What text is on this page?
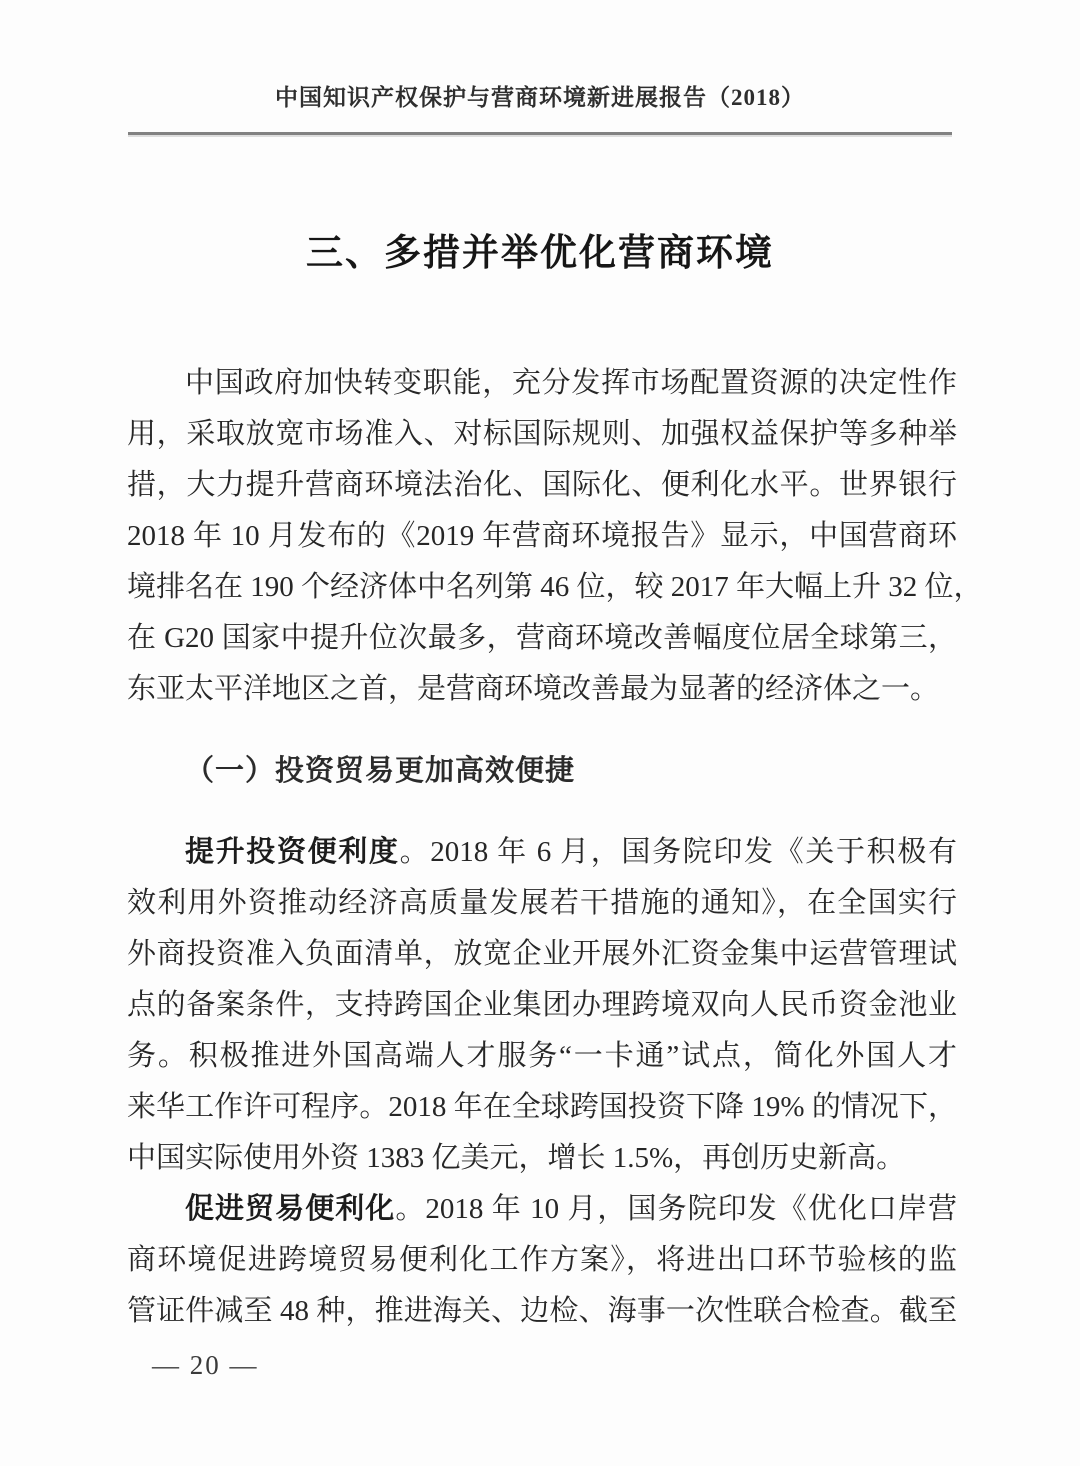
中国知识产权保护与营商环境新进展报告（2018）
三、多措并举优化营商环境
中国政府加快转变职能，充分发挥市场配置资源的决定性作
用，采取放宽市场准入、对标国际规则、加强权益保护等多种举
措，大力提升营商环境法治化、国际化、便利化水平。世界银行
2018 年 10 月发布的《2019 年营商环境报告》显示，中国营商环
境排名在 190 个经济体中名列第 46 位，较 2017 年大幅上升 32 位，
在 G20 国家中提升位次最多，营商环境改善幅度位居全球第三，
东亚太平洋地区之首，是营商环境改善最为显著的经济体之一。
（一）投资贸易更加高效便捷
提升投资便利度。2018 年 6 月，国务院印发《关于积极有
效利用外资推动经济高质量发展若干措施的通知》，在全国实行
外商投资准入负面清单，放宽企业开展外汇资金集中运营管理试
点的备案条件，支持跨国企业集团办理跨境双向人民币资金池业
务。积极推进外国高端人才服务“一卡通”试点，简化外国人才
来华工作许可程序。2018 年在全球跨国投资下降 19% 的情况下，
中国实际使用外资 1383 亿美元，增长 1.5%，再创历史新高。
促进贸易便利化。2018 年 10 月，国务院印发《优化口岸营
商环境促进跨境贸易便利化工作方案》，将进出口环节验核的监
管证件减至 48 种，推进海关、边检、海事一次性联合检查。截至
— 20 —
